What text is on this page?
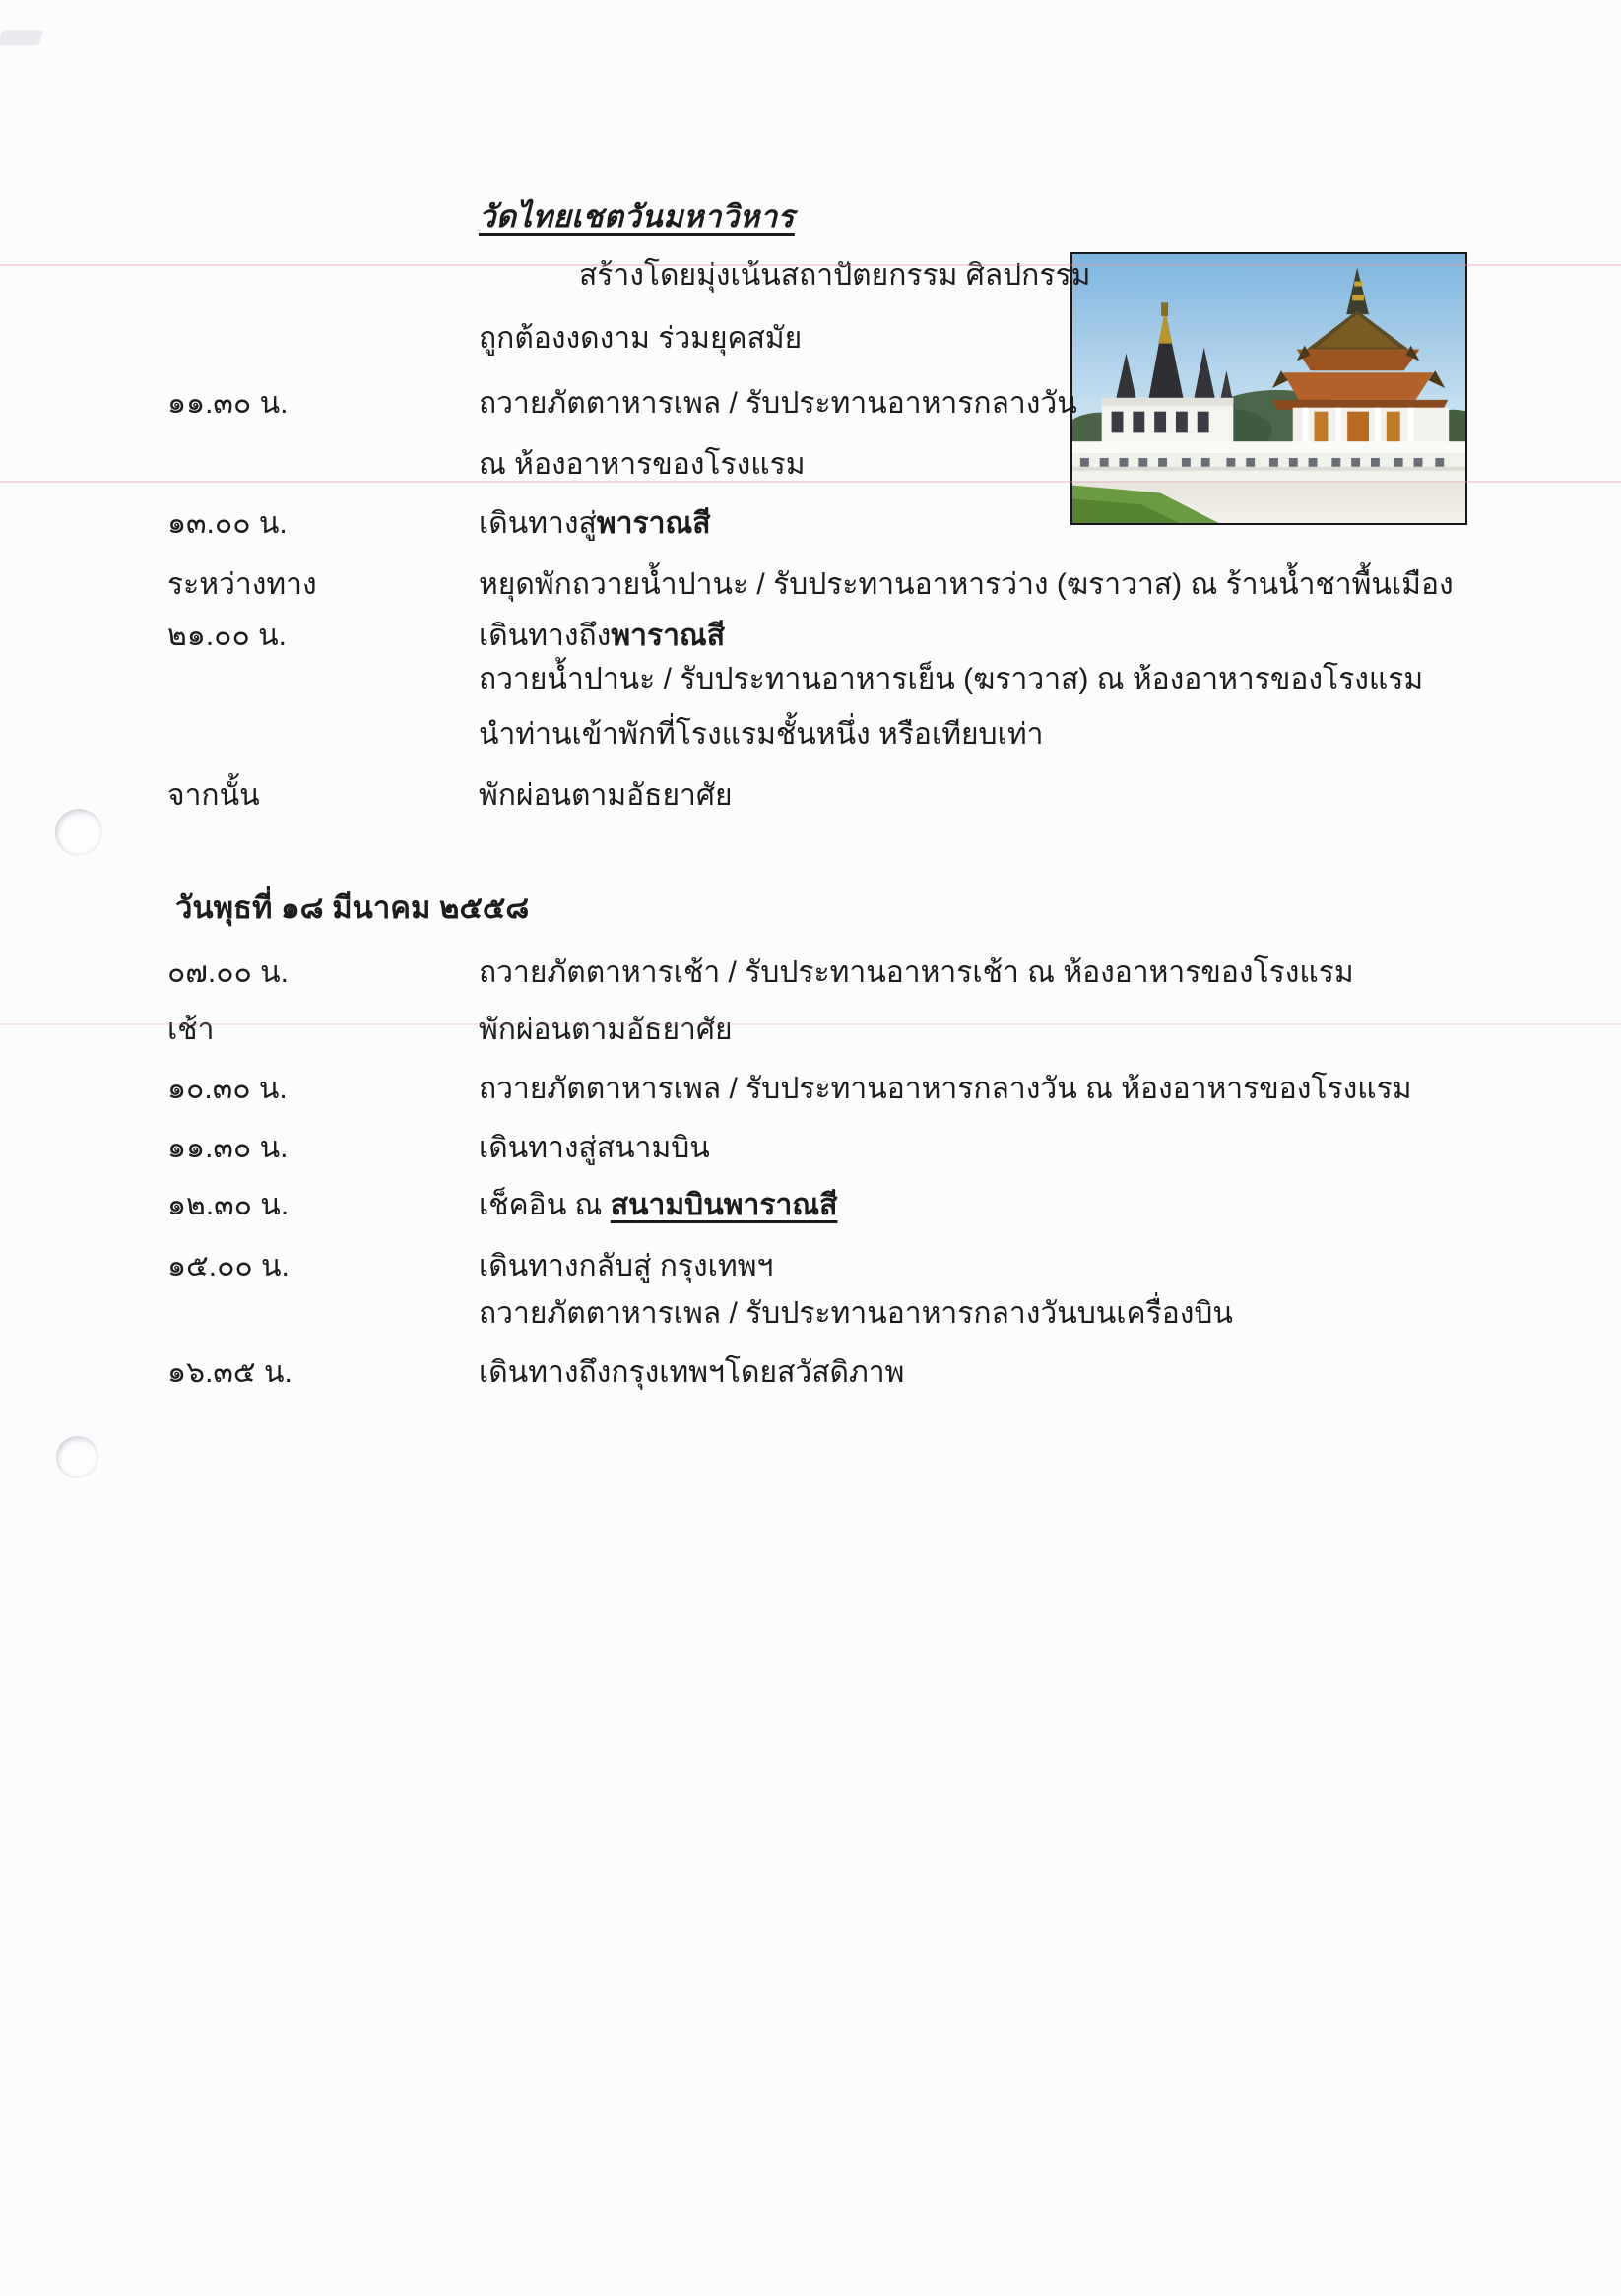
วัดไทยเชตวันมหาวิหาร
สร้างโดยมุ่งเน้นสถาปัตยกรรม ศิลปกรรม
ถูกต้องงดงาม ร่วมยุคสมัย
๑๑.๓๐ น.	ถวายภัตตาหารเพล / รับประทานอาหารกลางวัน
ณ ห้องอาหารของโรงแรม
๑๓.๐๐ น.	เดินทางสู่พาราณสี
ระหว่างทาง	หยุดพักถวายน้ำปานะ / รับประทานอาหารว่าง (ฆราวาส) ณ ร้านน้ำชาพื้นเมือง
๒๑.๐๐ น.	เดินทางถึงพาราณสี
ถวายน้ำปานะ / รับประทานอาหารเย็น (ฆราวาส) ณ ห้องอาหารของโรงแรม
นำท่านเข้าพักที่โรงแรมชั้นหนึ่ง หรือเทียบเท่า
จากนั้น	พักผ่อนตามอัธยาศัย
วันพุธที่ ๑๘ มีนาคม ๒๕๕๘
๐๗.๐๐ น.	ถวายภัตตาหารเช้า / รับประทานอาหารเช้า ณ ห้องอาหารของโรงแรม
เช้า	พักผ่อนตามอัธยาศัย
๑๐.๓๐ น.	ถวายภัตตาหารเพล / รับประทานอาหารกลางวัน ณ ห้องอาหารของโรงแรม
๑๑.๓๐ น.	เดินทางสู่สนามบิน
๑๒.๓๐ น.	เช็คอิน ณ สนามบินพาราณสี
๑๕.๐๐ น.	เดินทางกลับสู่ กรุงเทพฯ
ถวายภัตตาหารเพล / รับประทานอาหารกลางวันบนเครื่องบิน
๑๖.๓๕ น.	เดินทางถึงกรุงเทพฯโดยสวัสดิภาพ
